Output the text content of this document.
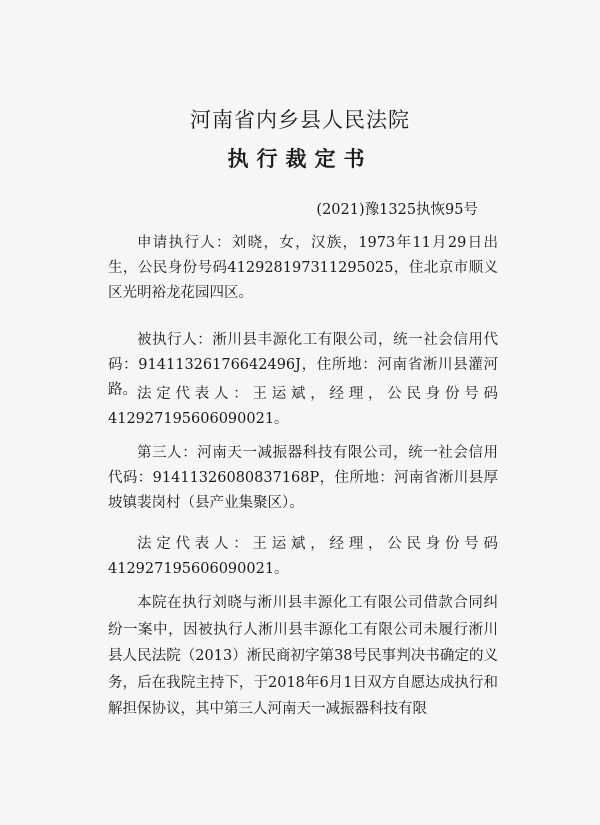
河南省内乡县人民法院
执行裁定书
(2021)豫1325执恢95号

申请执行人：刘晓，女，汉族，1973年11月29日出生，公民身份号码412928197311295025，住北京市顺义区光明裕龙花园四区。

被执行人：淅川县丰源化工有限公司，统一社会信用代码：91411326176642496J，住所地：河南省淅川县灌河路。 法定代表人：王运斌，经理，公民身份号码
412927195606090021。

第三人：河南天一减振器科技有限公司，统一社会信用代码：91411326080837168P，住所地：河南省淅川县厚坡镇裴岗村（县产业集聚区）。

法定代表人：王运斌，经理，公民身份号码
412927195606090021。

本院在执行刘晓与淅川县丰源化工有限公司借款合同纠纷一案中，因被执行人淅川县丰源化工有限公司未履行淅川县人民法院（2013）淅民商初字第38号民事判决书确定的义务，后在我院主持下，于2018年6月1日双方自愿达成执行和解担保协议，其中第三人河南天一减振器科技有限
